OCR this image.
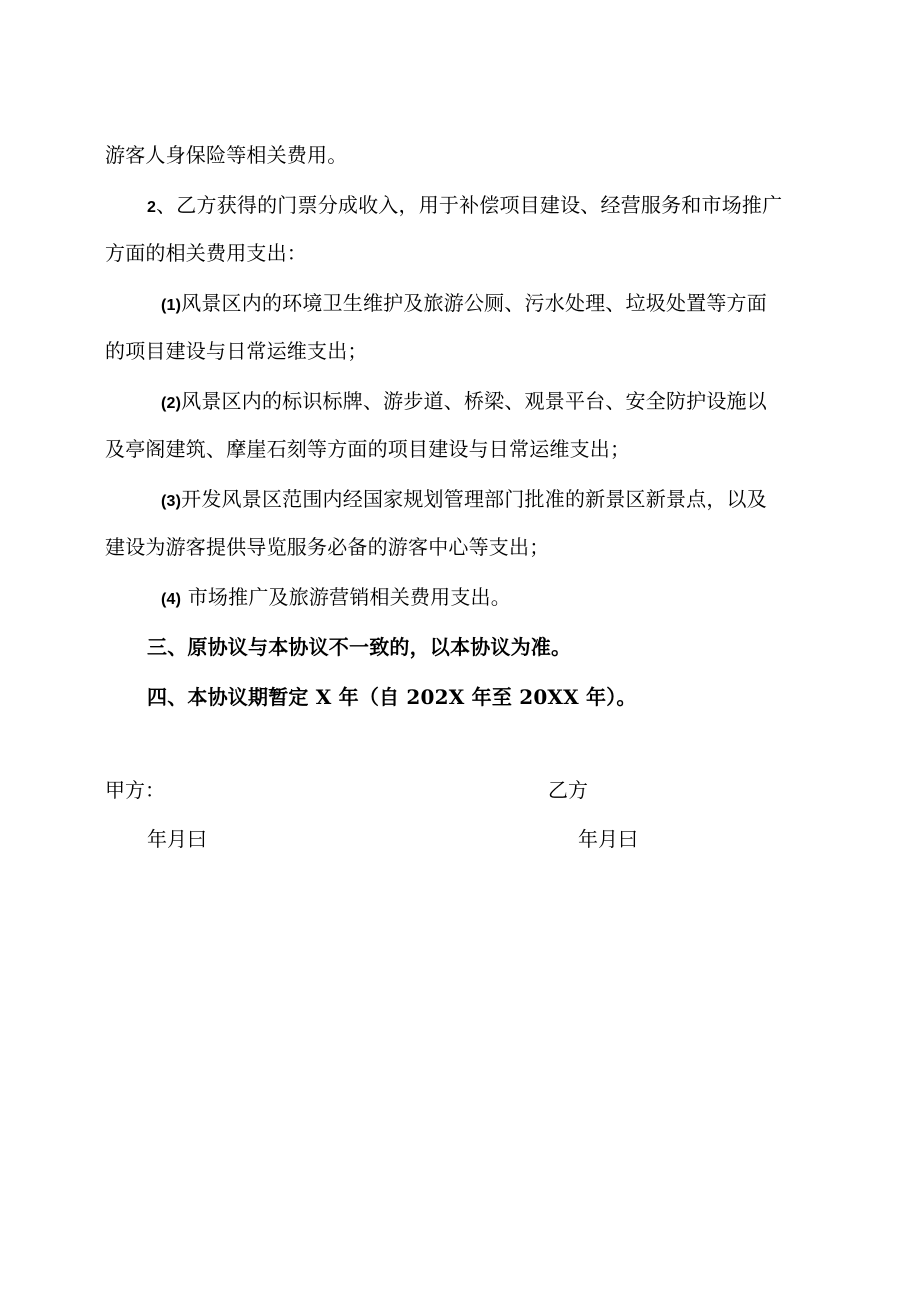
游客人身保险等相关费用。
2、乙方获得的门票分成收入，用于补偿项目建设、经营服务和市场推广
方面的相关费用支出：
(1)风景区内的环境卫生维护及旅游公厕、污水处理、垃圾处置等方面
的项目建设与日常运维支出；
(2)风景区内的标识标牌、游步道、桥梁、观景平台、安全防护设施以
及亭阁建筑、摩崖石刻等方面的项目建设与日常运维支出；
(3)开发风景区范围内经国家规划管理部门批准的新景区新景点，以及
建设为游客提供导览服务必备的游客中心等支出；
(4) 市场推广及旅游营销相关费用支出。
三、原协议与本协议不一致的，以本协议为准。
四、本协议期暂定 X 年（自 202X 年至 20XX 年）。
甲方：	乙方
年月曰	年月曰
